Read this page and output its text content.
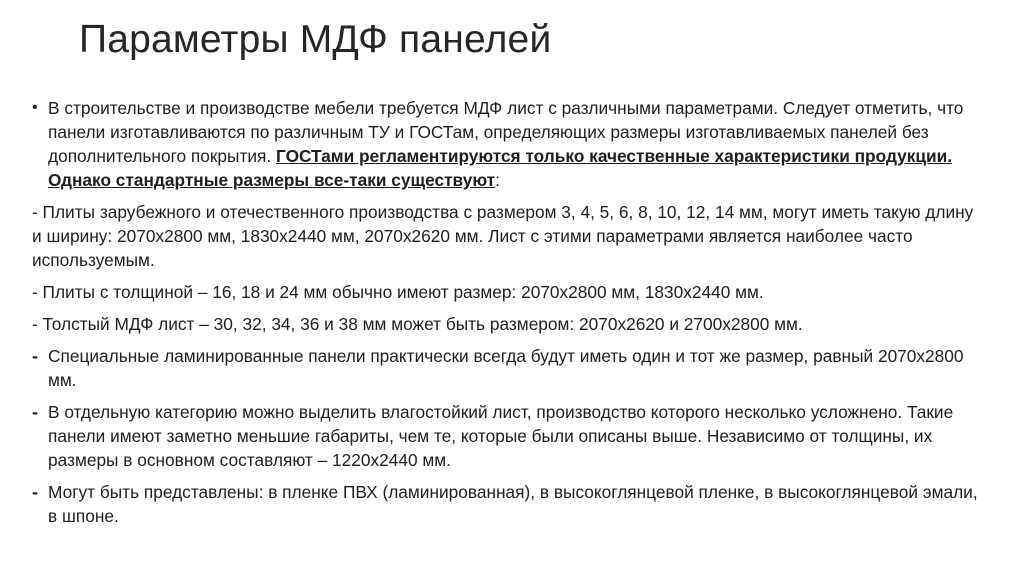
Параметры МДФ панелей

• В строительстве и производстве мебели требуется МДФ лист с различными параметрами. Следует отметить, что панели изготавливаются по различным ТУ и ГОСТам, определяющих размеры изготавливаемых панелей без дополнительного покрытия. ГОСТами регламентируются только качественные характеристики продукции. Однако стандартные размеры все-таки существуют:

- Плиты зарубежного и отечественного производства с размером 3, 4, 5, 6, 8, 10, 12, 14 мм, могут иметь такую длину и ширину: 2070x2800 мм, 1830x2440 мм, 2070x2620 мм. Лист с этими параметрами является наиболее часто используемым.

- Плиты с толщиной – 16, 18 и 24 мм обычно имеют размер: 2070x2800 мм, 1830x2440 мм.

- Толстый МДФ лист – 30, 32, 34, 36 и 38 мм может быть размером: 2070x2620 и 2700x2800 мм.

- Специальные ламинированные панели практически всегда будут иметь один и тот же размер, равный 2070x2800 мм.

- В отдельную категорию можно выделить влагостойкий лист, производство которого несколько усложнено. Такие панели имеют заметно меньшие габариты, чем те, которые были описаны выше. Независимо от толщины, их размеры в основном составляют – 1220x2440 мм.

- Могут быть представлены: в пленке ПВХ (ламинированная), в высокоглянцевой пленке, в высокоглянцевой эмали, в шпоне.
